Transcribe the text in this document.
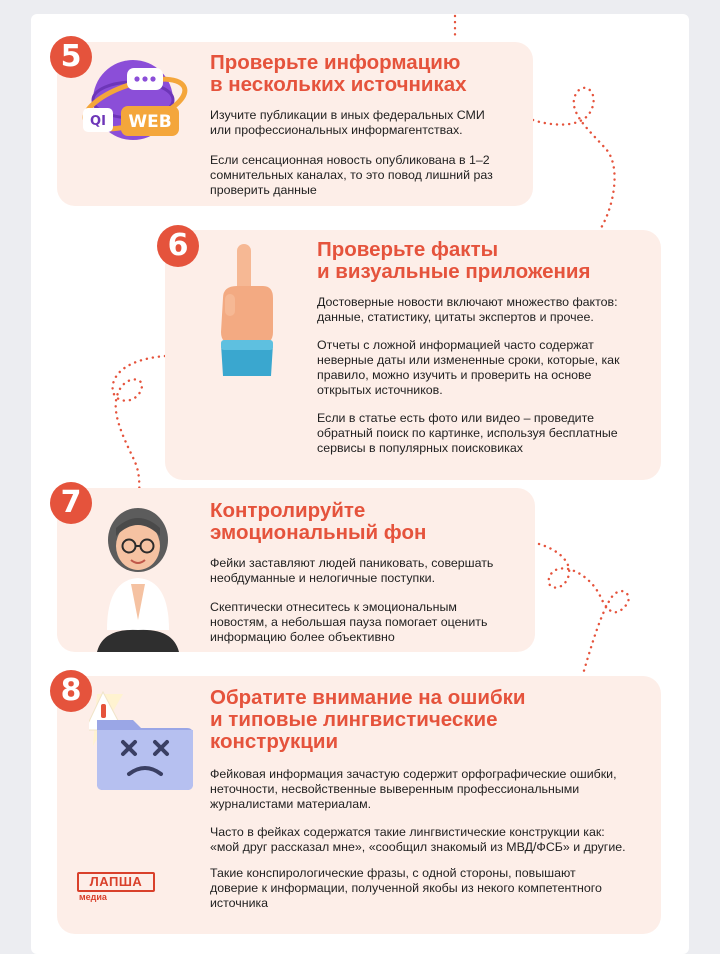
5
QI WEB
Проверьте информацию
в нескольких источниках

Изучите публикации в иных федеральных СМИ
или профессиональных информагентствах.

Если сенсационная новость опубликована в 1–2
сомнительных каналах, то это повод лишний раз
проверить данные

6	Проверьте факты
и визуальные приложения

Достоверные новости включают множество фактов:
данные, статистику, цитаты экспертов и прочее.

Отчеты с ложной информацией часто содержат
неверные даты или измененные сроки, которые, как
правило, можно изучить и проверить на основе
открытых источников.

Если в статье есть фото или видео – проведите
обратный поиск по картинке, используя бесплатные
сервисы в популярных поисковиках

7	Контролируйте
эмоциональный фон

Фейки заставляют людей паниковать, совершать
необдуманные и нелогичные поступки.

Скептически отнеситесь к эмоциональным
новостям, а небольшая пауза помогает оценить
информацию более объективно

8	Обратите внимание на ошибки
и типовые лингвистические
конструкции

Фейковая информация зачастую содержит орфографические ошибки,
неточности, несвойственные выверенным профессиональными
журналистами материалам.

Часто в фейках содержатся такие лингвистические конструкции как:
«мой друг рассказал мне», «сообщил знакомый из МВД/ФСБ» и другие.

Такие конспирологические фразы, с одной стороны, повышают
доверие к информации, полученной якобы из некого компетентного
источника

ЛАПША
медиа
